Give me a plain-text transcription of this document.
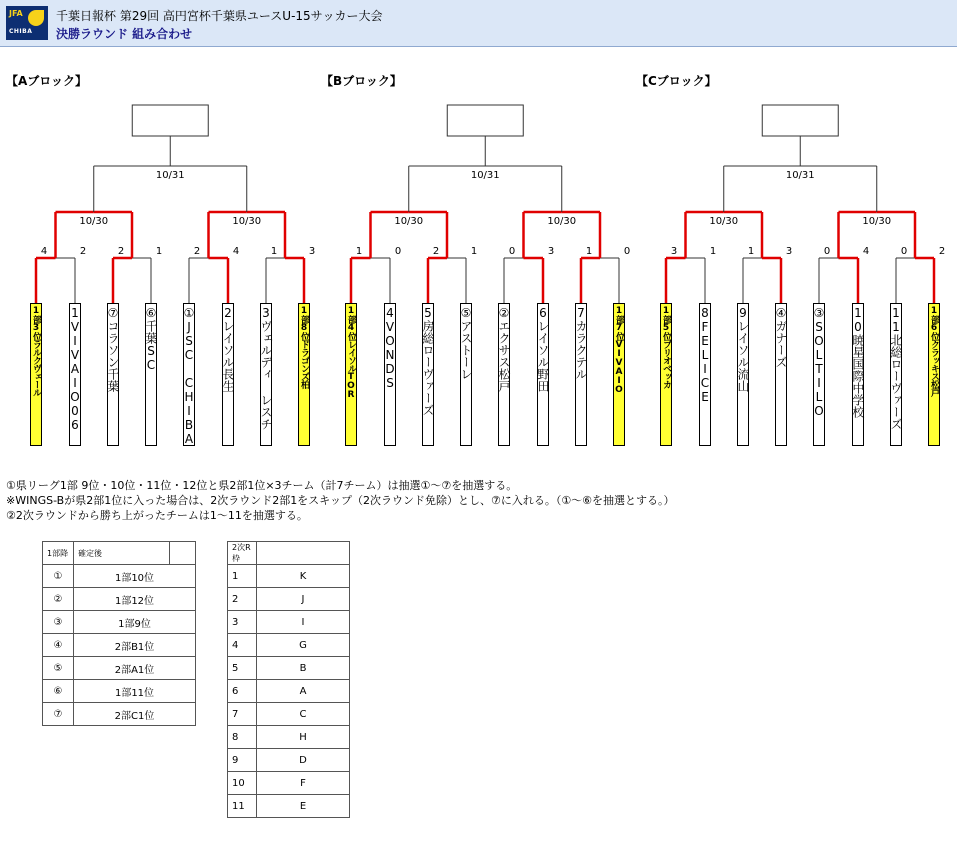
JFA
CHIBA
千葉日報杯 第29回 高円宮杯千葉県ユースU-15サッカー大会
決勝ラウンド 組み合わせ
4	2	2	1	2	4	1	3
10/30	10/30
10/31
1	0	2	1	0	3	1	0
10/30	10/30
10/31
3	1	1	3	0	4	0	2
10/30	10/30
10/31
【Aブロック】
1部3位ラルクヴェール 1VIVAIO06 ⑦コラソン千葉 ⑥千葉SC ①JSC CHIBA 2レイソル長生 3ヴェルディ レスチ	1部8位ドラゴンズ柏
【Bブロック】
1部4位レイソルTOR 4VONDS 5房総ローヴァーズ ⑤アストーレ ②エクサス松戸 6レイソル野田 7カラクテル	1部7位VIVAIO
【Cブロック】
1部5位ブリオベッカ 8FELICE 9レイソル流山 ④ガナーズ ③SOLTILO 10暁星国際中学校 11北総ローヴァーズ	1部6位クラッキス松戸
①県リーグ1部 9位・10位・11位・12位と県2部1位×3チーム（計7チーム）は抽選①～⑦を抽選する。
※WINGS-Bが県2部1位に入った場合は、2次ラウンド2部1をスキップ（2次ラウンド免除）とし、⑦に入れる。（①～⑥を抽選とする。）
②2次ラウンドから勝ち上がったチームは1～11を抽選する。
1部降	確定後	
①	1部10位	
②	1部12位	
③	1部9位	
④	2部B1位	
⑤	2部A1位	
⑥	1部11位	
⑦	2部C1位	
2次R枠	
1	K
2	J
3	I
4	G
5	B
6	A
7	C
8	H
9	D
10	F
11	E
